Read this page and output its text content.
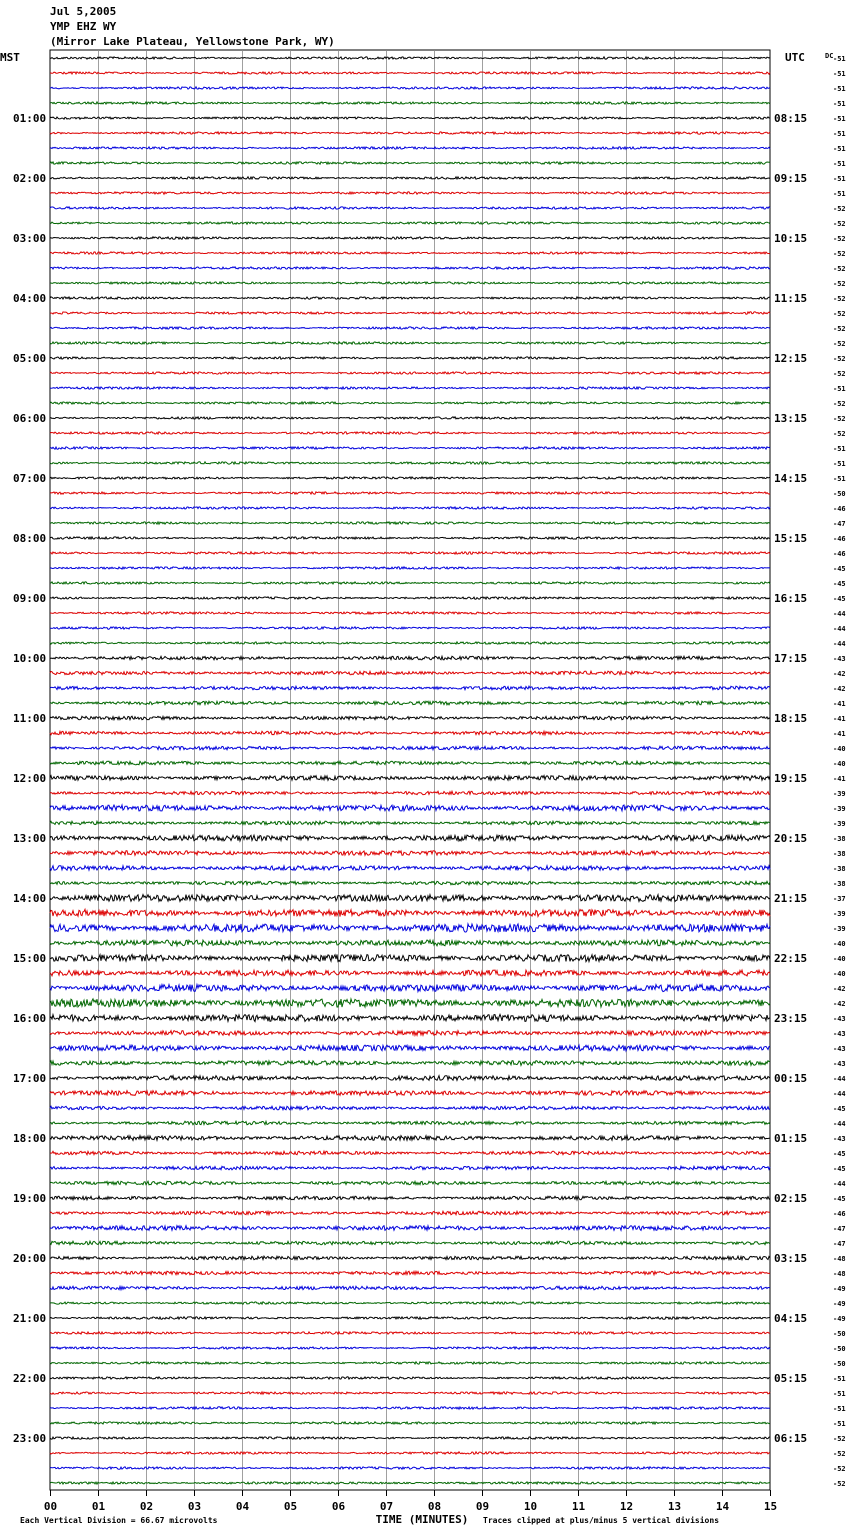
Jul 5,2005
YMP EHZ WY
(Mirror Lake Plateau, Yellowstone Park, WY)
MST	UTC	DC
01:00
02:00
03:00
04:00
05:00
06:00
07:00
08:00
09:00
10:00
11:00
12:00
13:00
14:00
15:00
16:00
17:00
18:00
19:00
20:00
21:00
22:00
23:00
08:15
09:15
10:15
11:15
12:15
13:15
14:15
15:15
16:15
17:15
18:15
19:15
20:15
21:15
22:15
23:15
00:15
01:15
02:15
03:15
04:15
05:15
06:15
-51
-51
-51
-51
-51
-51
-51
-51
-51
-51
-52
-52
-52
-52
-52
-52
-52
-52
-52
-52
-52
-52
-51
-52
-52
-52
-51
-51
-51
-50
-46
-47
-46
-46
-45
-45
-45
-44
-44
-44
-43
-42
-42
-41
-41
-41
-40
-40
-41
-39
-39
-39
-38
-38
-38
-38
-37
-39
-39
-40
-40
-40
-42
-42
-43
-43
-43
-43
-44
-44
-45
-44
-43
-45
-45
-44
-45
-46
-47
-47
-48
-48
-49
-49
-49
-50
-50
-50
-51
-51
-51
-51
-52
-52
-52
-52
00	01	02	03	04	05	06	07	08	09	10	11	12	13	14	15
TIME (MINUTES)
Each Vertical Division = 66.67 microvolts	Traces clipped at plus/minus 5 vertical divisions
